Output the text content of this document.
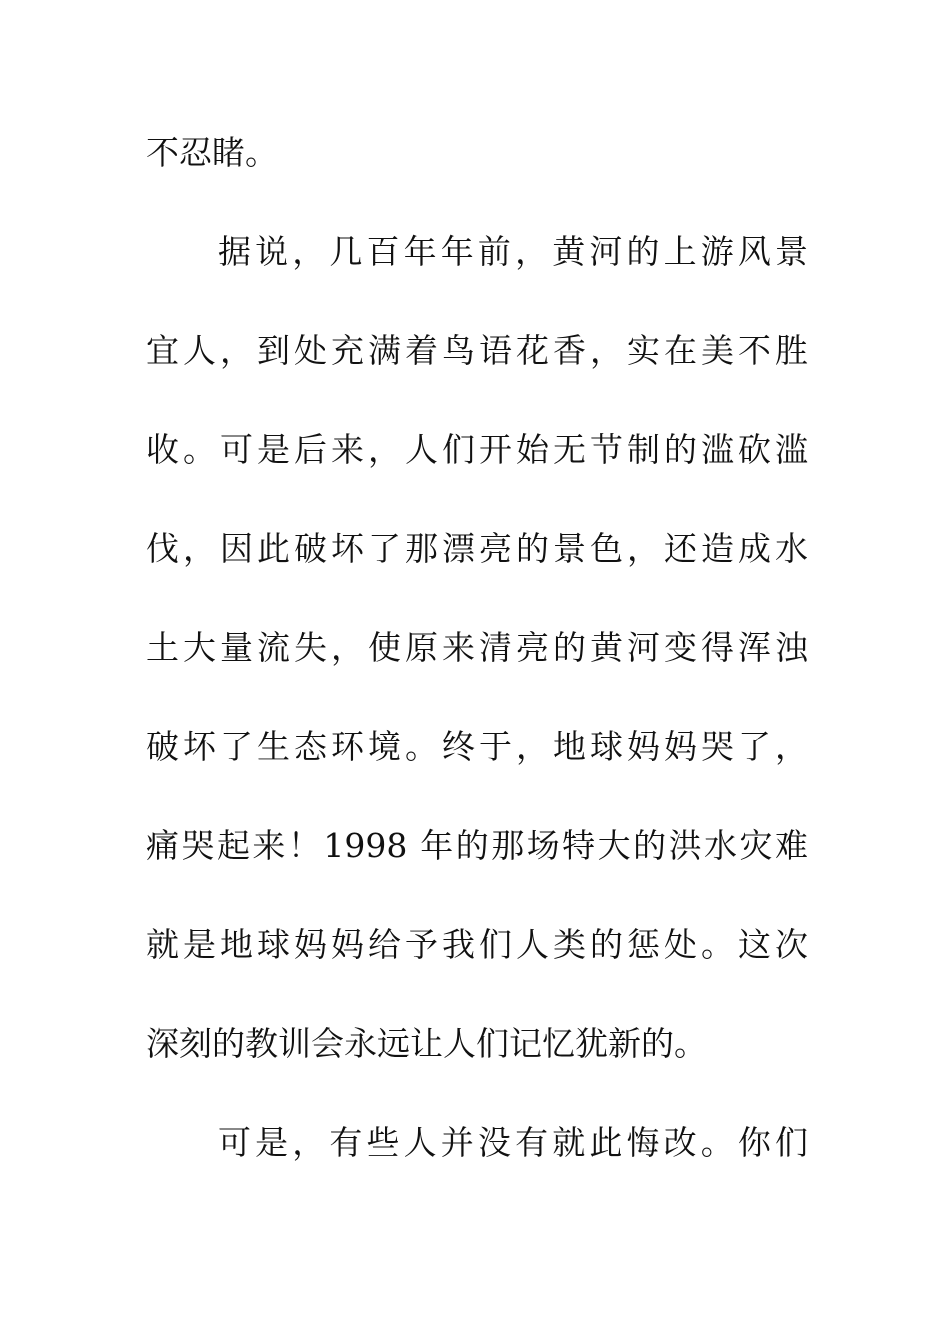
不忍睹。
据说，几百年年前，黄河的上游风景
宜人，到处充满着鸟语花香，实在美不胜
收。可是后来，人们开始无节制的滥砍滥
伐，因此破坏了那漂亮的景色，还造成水
土大量流失，使原来清亮的黄河变得浑浊
破坏了生态环境。终于，地球妈妈哭了，
痛哭起来！1998 年的那场特大的洪水灾难
就是地球妈妈给予我们人类的惩处。这次
深刻的教训会永远让人们记忆犹新的。
可是，有些人并没有就此悔改。你们
